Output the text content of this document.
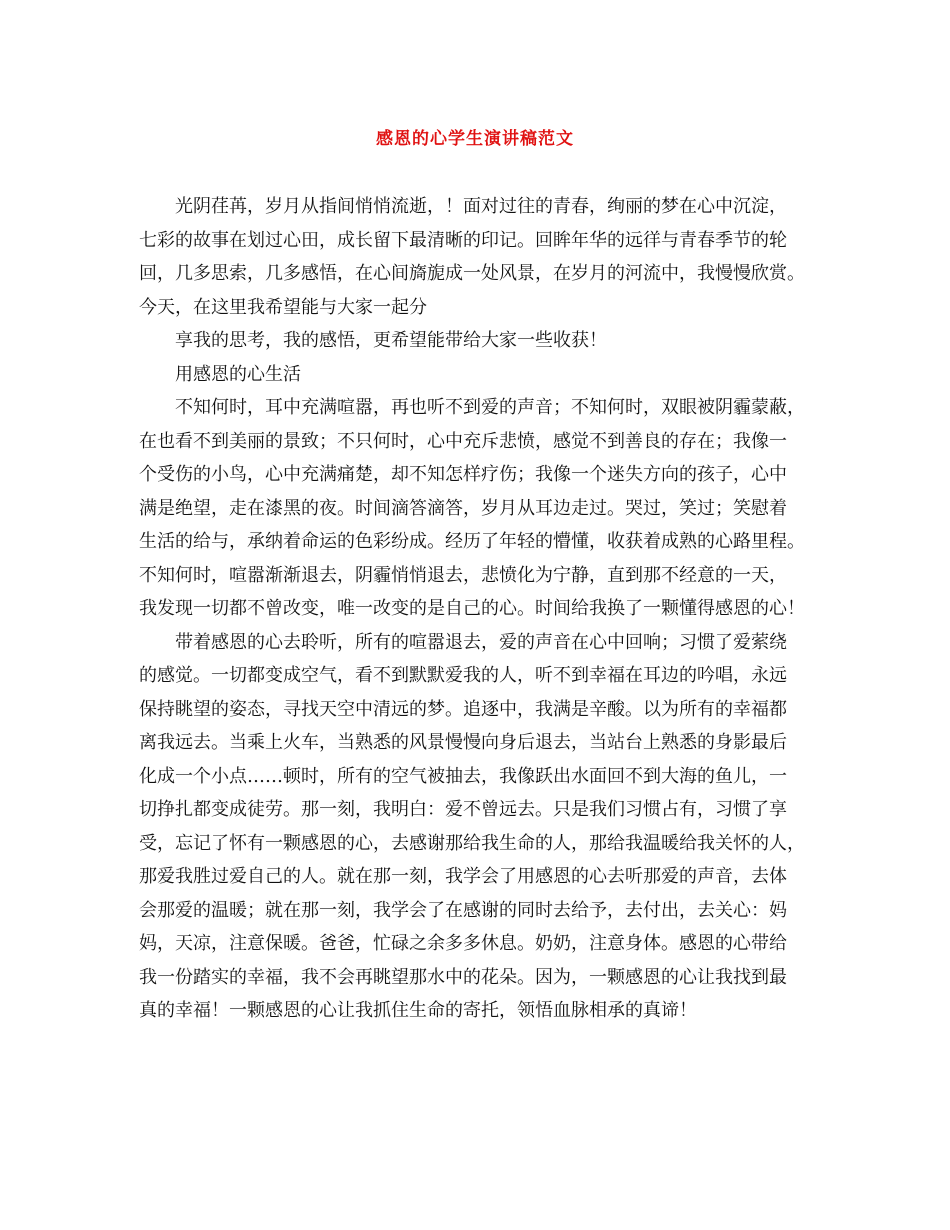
感恩的心学生演讲稿范文
光阴荏苒，岁月从指间悄悄流逝，！面对过往的青春，绚丽的梦在心中沉淀，
七彩的故事在划过心田，成长留下最清晰的印记。回眸年华的远徉与青春季节的轮
回，几多思索，几多感悟，在心间旖旎成一处风景，在岁月的河流中，我慢慢欣赏。
今天，在这里我希望能与大家一起分
享我的思考，我的感悟，更希望能带给大家一些收获！
用感恩的心生活
不知何时，耳中充满喧嚣，再也听不到爱的声音；不知何时，双眼被阴霾蒙蔽，
在也看不到美丽的景致；不只何时，心中充斥悲愤，感觉不到善良的存在；我像一
个受伤的小鸟，心中充满痛楚，却不知怎样疗伤；我像一个迷失方向的孩子，心中
满是绝望，走在漆黑的夜。时间滴答滴答，岁月从耳边走过。哭过，笑过；笑慰着
生活的给与，承纳着命运的色彩纷成。经历了年轻的懵懂，收获着成熟的心路里程。
不知何时，喧嚣渐渐退去，阴霾悄悄退去，悲愤化为宁静，直到那不经意的一天，
我发现一切都不曾改变，唯一改变的是自己的心。时间给我换了一颗懂得感恩的心！
带着感恩的心去聆听，所有的喧嚣退去，爱的声音在心中回响；习惯了爱萦绕
的感觉。一切都变成空气，看不到默默爱我的人，听不到幸福在耳边的吟唱，永远
保持眺望的姿态，寻找天空中清远的梦。追逐中，我满是辛酸。以为所有的幸福都
离我远去。当乘上火车，当熟悉的风景慢慢向身后退去，当站台上熟悉的身影最后
化成一个小点……顿时，所有的空气被抽去，我像跃出水面回不到大海的鱼儿，一
切挣扎都变成徒劳。那一刻，我明白：爱不曾远去。只是我们习惯占有，习惯了享
受，忘记了怀有一颗感恩的心，去感谢那给我生命的人，那给我温暖给我关怀的人，
那爱我胜过爱自己的人。就在那一刻，我学会了用感恩的心去听那爱的声音，去体
会那爱的温暖；就在那一刻，我学会了在感谢的同时去给予，去付出，去关心：妈
妈，天凉，注意保暖。爸爸，忙碌之余多多休息。奶奶，注意身体。感恩的心带给
我一份踏实的幸福，我不会再眺望那水中的花朵。因为，一颗感恩的心让我找到最
真的幸福！一颗感恩的心让我抓住生命的寄托，领悟血脉相承的真谛！
